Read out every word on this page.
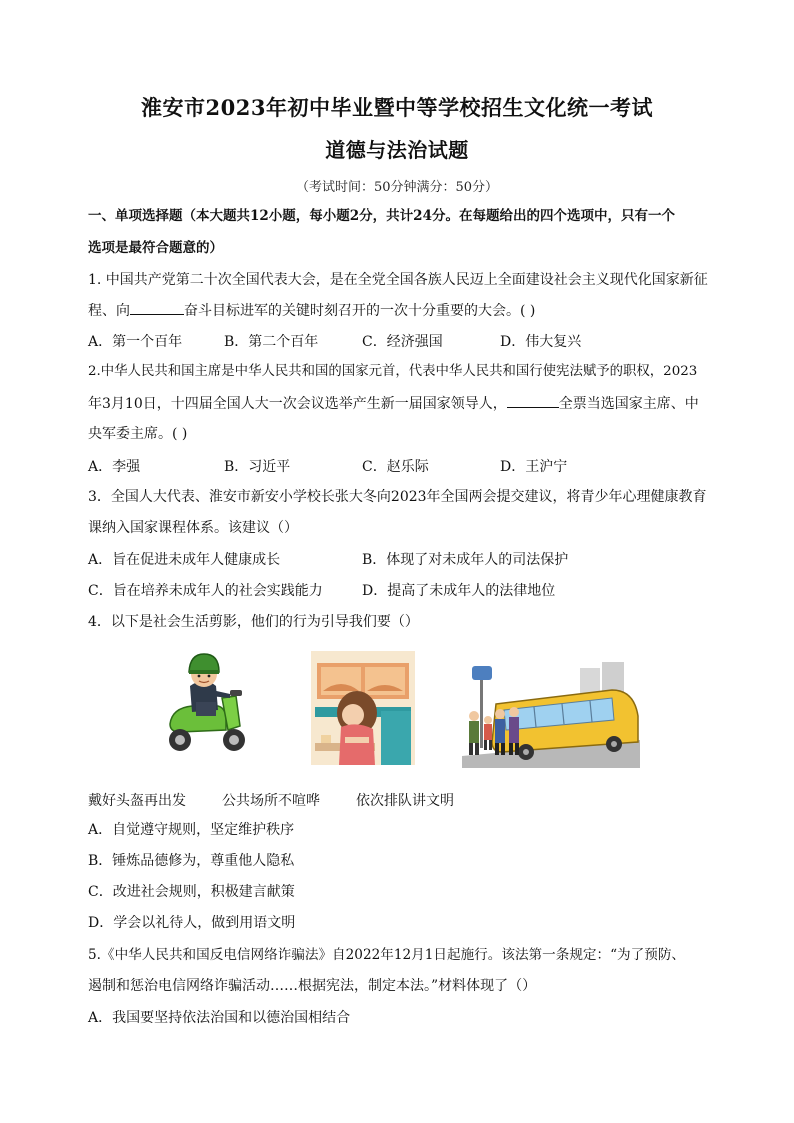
淮安市2023年初中毕业暨中等学校招生文化统一考试
道德与法治试题
（考试时间：50分钟满分：50分）
一、单项选择题（本大题共12小题，每小题2分，共计24分。在每题给出的四个选项中，只有一个
选项是最符合题意的）
1. 中国共产党第二十次全国代表大会，是在全党全国各族人民迈上全面建设社会主义现代化国家新征
程、向	奋斗目标进军的关键时刻召开的一次十分重要的大会。( )
A．第一个百年	B．第二个百年	C．经济强国	D．伟大复兴
2.中华人民共和国主席是中华人民共和国的国家元首，代表中华人民共和国行使宪法赋予的职权，2023
年3月10日，十四届全国人大一次会议选举产生新一届国家领导人，	全票当选国家主席、中
央军委主席。( )
A．李强	B．习近平	C．赵乐际	D．王沪宁
3．全国人大代表、淮安市新安小学校长张大冬向2023年全国两会提交建议，将青少年心理健康教育
课纳入国家课程体系。该建议（）
A．旨在促进未成年人健康成长	B．体现了对未成年人的司法保护
C．旨在培养未成年人的社会实践能力	D．提高了未成年人的法律地位
4．以下是社会生活剪影，他们的行为引导我们要（）
戴好头盔再出发	公共场所不喧哗	依次排队讲文明
A．自觉遵守规则，坚定维护秩序
B．锤炼品德修为，尊重他人隐私
C．改进社会规则，积极建言献策
D．学会以礼待人，做到用语文明
5.《中华人民共和国反电信网络诈骗法》自2022年12月1日起施行。该法第一条规定：“为了预防、
遏制和惩治电信网络诈骗活动……根据宪法，制定本法。”材料体现了（）
A．我国要坚持依法治国和以德治国相结合
